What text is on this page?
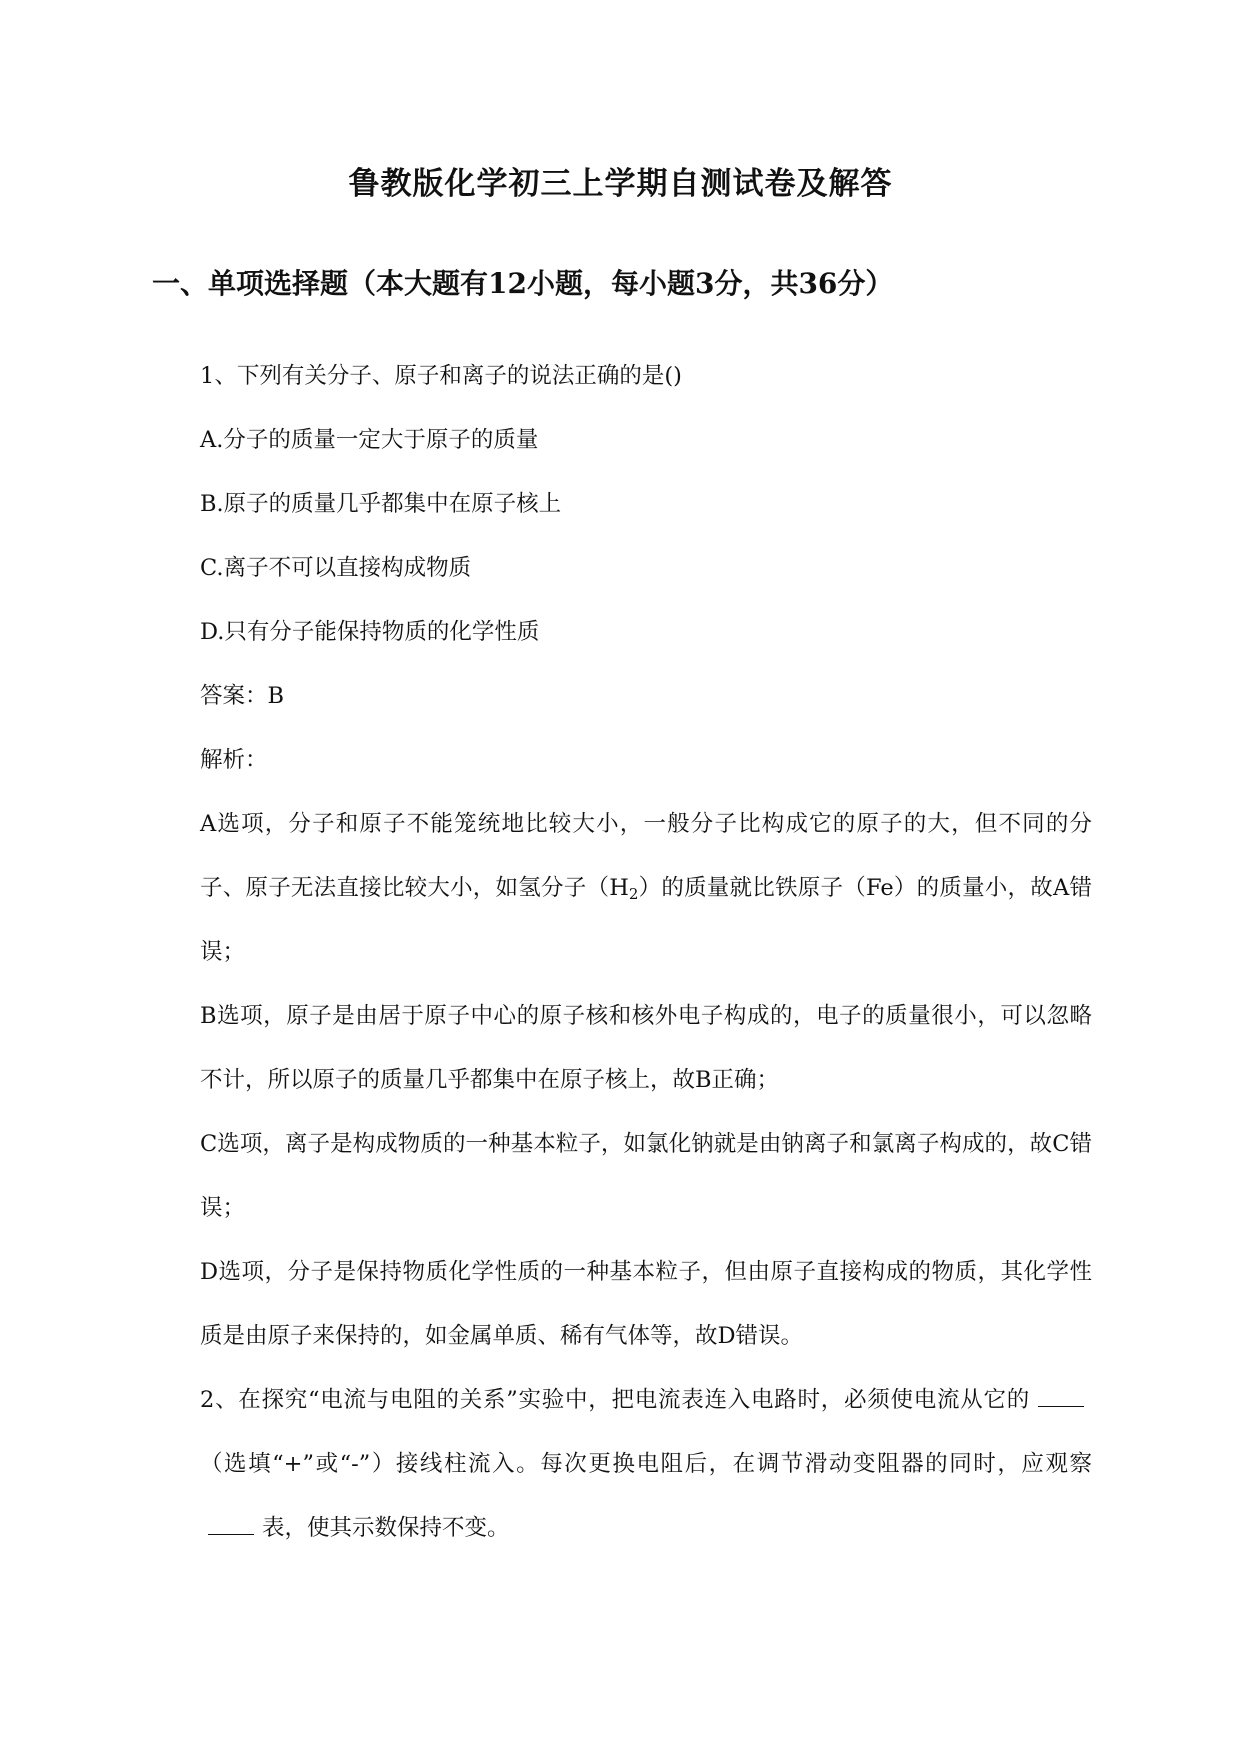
鲁教版化学初三上学期自测试卷及解答
一、单项选择题（本大题有12小题，每小题3分，共36分）

1、下列有关分子、原子和离子的说法正确的是()

A.分子的质量一定大于原子的质量

B.原子的质量几乎都集中在原子核上

C.离子不可以直接构成物质

D.只有分子能保持物质的化学性质

答案：B

解析：

A选项，分子和原子不能笼统地比较大小，一般分子比构成它的原子的大，但不同的分子、原子无法直接比较大小，如氢分子$(H_2)$的质量就比铁原子（Fe）的质量小，故A错误；

B选项，原子是由居于原子中心的原子核和核外电子构成的，电子的质量很小，可以忽略不计，所以原子的质量几乎都集中在原子核上，故B正确；

C选项，离子是构成物质的一种基本粒子，如氯化钠就是由钠离子和氯离子构成的，故C错误；

D选项，分子是保持物质化学性质的一种基本粒子，但由原子直接构成的物质，其化学性质是由原子来保持的，如金属单质、稀有气体等，故D错误。

2、在探究“电流与电阻的关系”实验中，把电流表连入电路时，必须使电流从它的（选填“+”或“-”）接线柱流入。每次更换电阻后，在调节滑动变阻器的同时，应观察表，使其示数保持不变。
